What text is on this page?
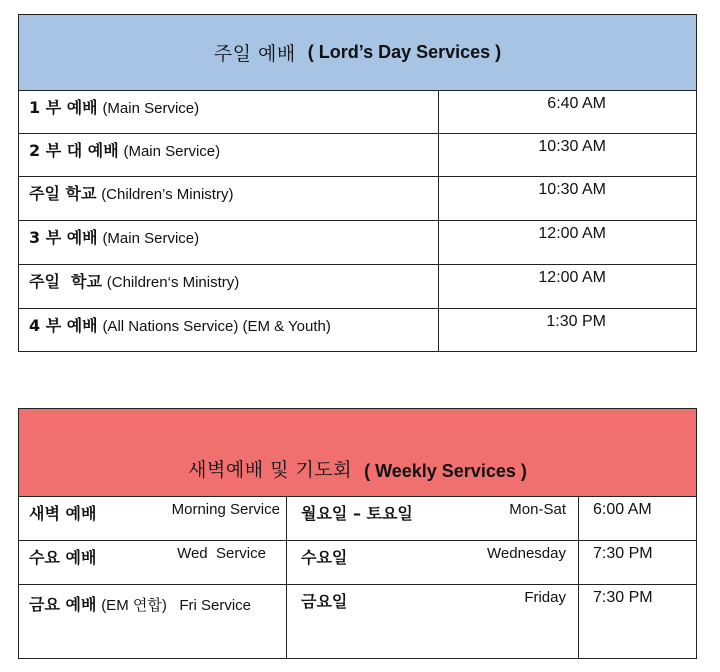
주일 예배 ( Lord’s Day Services )
1 부 예배 (Main Service)	6:40 AM
2 부 대 예배 (Main Service)	10:30 AM
주일 학교 (Children’s Ministry)	10:30 AM
3 부 예배 (Main Service)	12:00 AM
주일  학교 (Children‘s Ministry)	12:00 AM
4 부 예배 (All Nations Service) (EM & Youth)	1:30 PM
새벽예배 및 기도회 ( Weekly Services )
새벽 예배	Morning Service 월요일 – 토요일	Mon-Sat	6:00 AM
수요 예배	Wed  Service	수요일	Wednesday	7:30 PM
금요 예배 (EM 연합)   Fri Service	금요일	Friday	7:30 PM
